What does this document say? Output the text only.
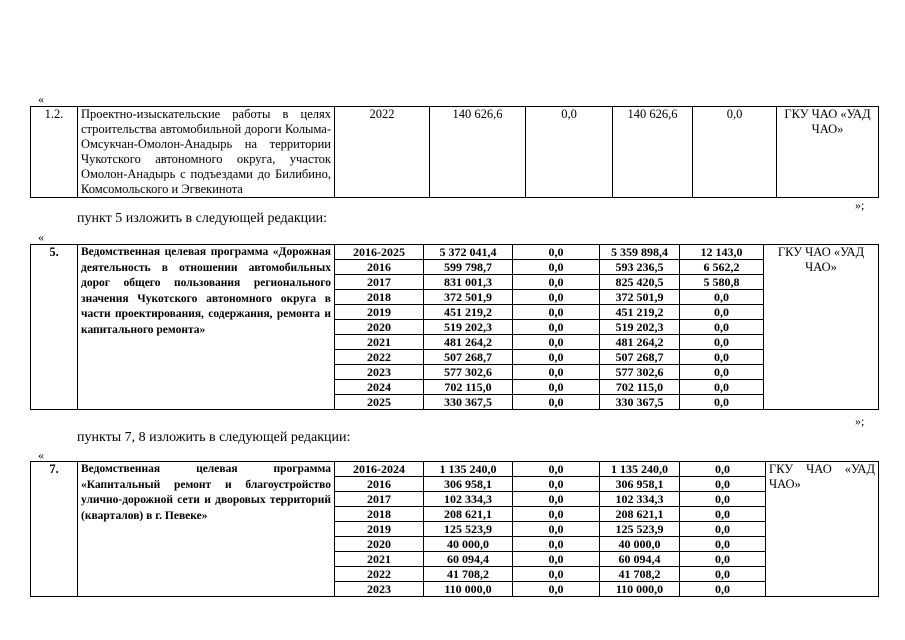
«
1.2.	Проектно-изыскательские работы в целях строительства автомобильной дороги Колыма-Омсукчан-Омолон-Анадырь на территории Чукотского автономного округа, участок Омолон-Анадырь с подъездами до Билибино, Комсомольского и Эгвекинота	2022	140 626,6	0,0	140 626,6	0,0	ГКУ ЧАО «УАД ЧАО»
»;
пункт 5 изложить в следующей редакции:
«
5.	Ведомственная целевая программа «Дорожная деятельность в отношении автомобильных дорог общего пользования регионального значения Чукотского автономного округа в части проектирования, содержания, ремонта и капитального ремонта»	2016-2025	5 372 041,4	0,0	5 359 898,4	12 143,0	ГКУ ЧАО «УАД ЧАО»
		2016	599 798,7	0,0	593 236,5	6 562,2	
		2017	831 001,3	0,0	825 420,5	5 580,8	
		2018	372 501,9	0,0	372 501,9	0,0	
		2019	451 219,2	0,0	451 219,2	0,0	
		2020	519 202,3	0,0	519 202,3	0,0	
		2021	481 264,2	0,0	481 264,2	0,0	
		2022	507 268,7	0,0	507 268,7	0,0	
		2023	577 302,6	0,0	577 302,6	0,0	
		2024	702 115,0	0,0	702 115,0	0,0	
		2025	330 367,5	0,0	330 367,5	0,0	
»;
пункты 7, 8 изложить в следующей редакции:
«
7.	Ведомственная целевая программа «Капитальный ремонт и благоустройство улично-дорожной сети и дворовых территорий (кварталов) в г. Певеке»	2016-2024	1 135 240,0	0,0	1 135 240,0	0,0	ГКУ ЧАО «УАД ЧАО»
		2016	306 958,1	0,0	306 958,1	0,0	
		2017	102 334,3	0,0	102 334,3	0,0	
		2018	208 621,1	0,0	208 621,1	0,0	
		2019	125 523,9	0,0	125 523,9	0,0	
		2020	40 000,0	0,0	40 000,0	0,0	
		2021	60 094,4	0,0	60 094,4	0,0	
		2022	41 708,2	0,0	41 708,2	0,0	
		2023	110 000,0	0,0	110 000,0	0,0	
